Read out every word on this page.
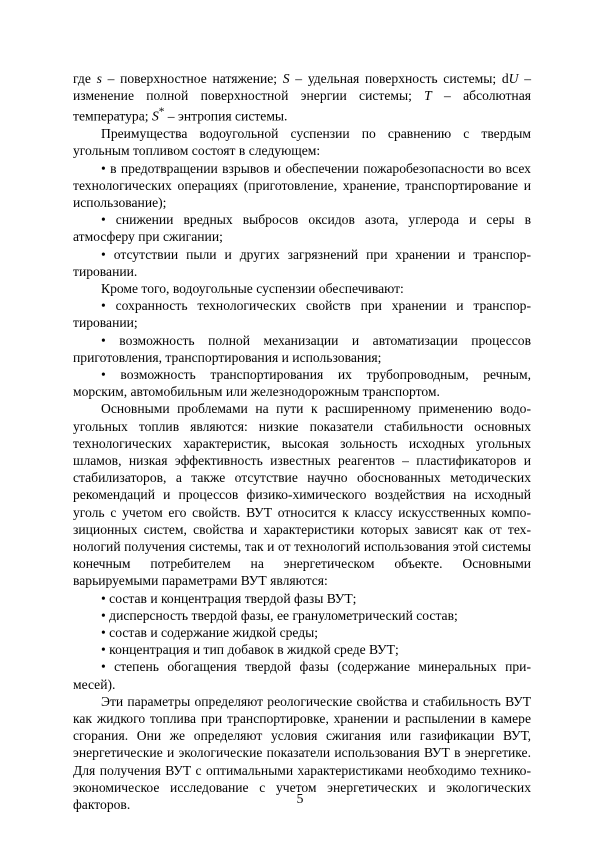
где s – поверхностное натяжение; S – удельная поверхность системы; dU – изменение полной поверхностной энергии системы; T – абсолютная температура; S* – энтропия системы.

Преимущества водоугольной суспензии по сравнению с твердым угольным топливом состоят в следующем:

• в предотвращении взрывов и обеспечении пожаробезопасности во всех технологических операциях (приготовление, хранение, транспортирование и использование);

• снижении вредных выбросов оксидов азота, углерода и серы в атмосферу при сжигании;

• отсутствии пыли и других загрязнений при хранении и транспортировании.

Кроме того, водоугольные суспензии обеспечивают:

• сохранность технологических свойств при хранении и транспортировании;

• возможность полной механизации и автоматизации процессов приготовления, транспортирования и использования;

• возможность транспортирования их трубопроводным, речным, морским, автомобильным или железнодорожным транспортом.

Основными проблемами на пути к расширенному применению водоугольных топлив являются: низкие показатели стабильности основных технологических характеристик, высокая зольность исходных угольных шламов, низкая эффективность известных реагентов – пластификаторов и стабилизаторов, а также отсутствие научно обоснованных методических рекомендаций и процессов физико-химического воздействия на исходный уголь с учетом его свойств. ВУТ относится к классу искусственных композиционных систем, свойства и характеристики которых зависят как от технологий получения системы, так и от технологий использования этой системы конечным потребителем на энергетическом объекте. Основными варьируемыми параметрами ВУТ являются:

• состав и концентрация твердой фазы ВУТ;

• дисперсность твердой фазы, ее гранулометрический состав;

• состав и содержание жидкой среды;

• концентрация и тип добавок в жидкой среде ВУТ;

• степень обогащения твердой фазы (содержание минеральных примесей).

Эти параметры определяют реологические свойства и стабильность ВУТ как жидкого топлива при транспортировке, хранении и распылении в камере сгорания. Они же определяют условия сжигания или газификации ВУТ, энергетические и экологические показатели использования ВУТ в энергетике. Для получения ВУТ с оптимальными характеристиками необходимо технико-экономическое исследование с учетом энергетических и экологических факторов.	5
